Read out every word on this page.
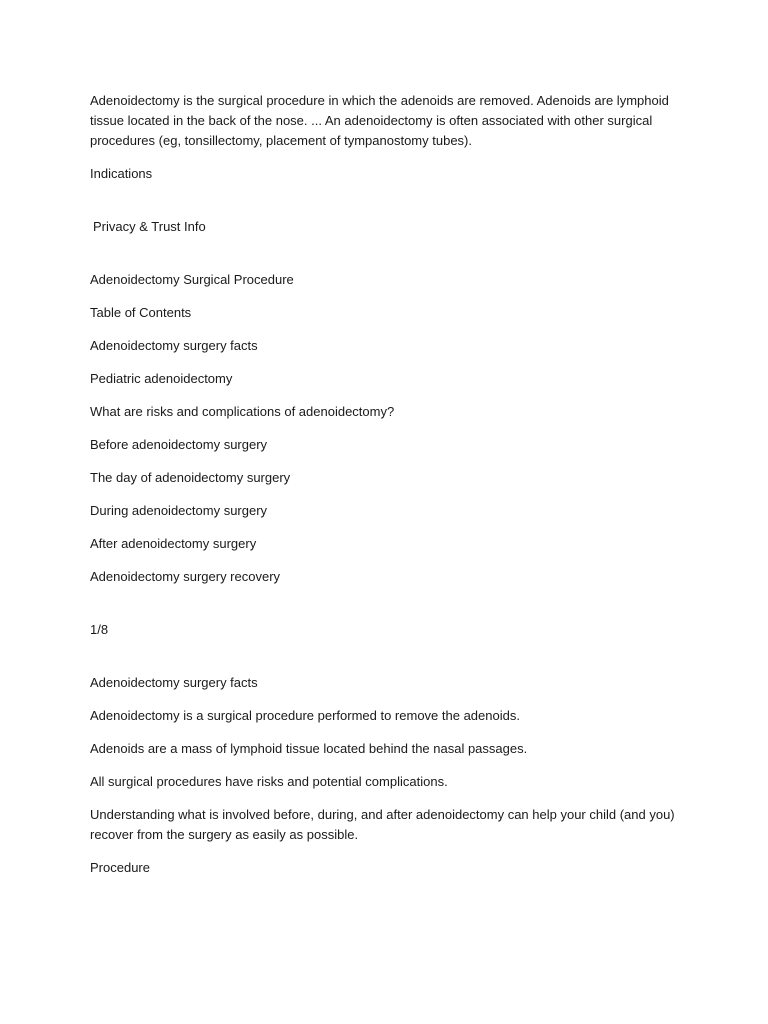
Adenoidectomy is the surgical procedure in which the adenoids are removed. Adenoids are lymphoid tissue located in the back of the nose. ... An adenoidectomy is often associated with other surgical procedures (eg, tonsillectomy, placement of tympanostomy tubes).

Indications

Privacy & Trust Info

Adenoidectomy Surgical Procedure

Table of Contents

Adenoidectomy surgery facts

Pediatric adenoidectomy

What are risks and complications of adenoidectomy?

Before adenoidectomy surgery

The day of adenoidectomy surgery

During adenoidectomy surgery

After adenoidectomy surgery

Adenoidectomy surgery recovery

1/8

Adenoidectomy surgery facts

Adenoidectomy is a surgical procedure performed to remove the adenoids.

Adenoids are a mass of lymphoid tissue located behind the nasal passages.

All surgical procedures have risks and potential complications.

Understanding what is involved before, during, and after adenoidectomy can help your child (and you) recover from the surgery as easily as possible.

Procedure
